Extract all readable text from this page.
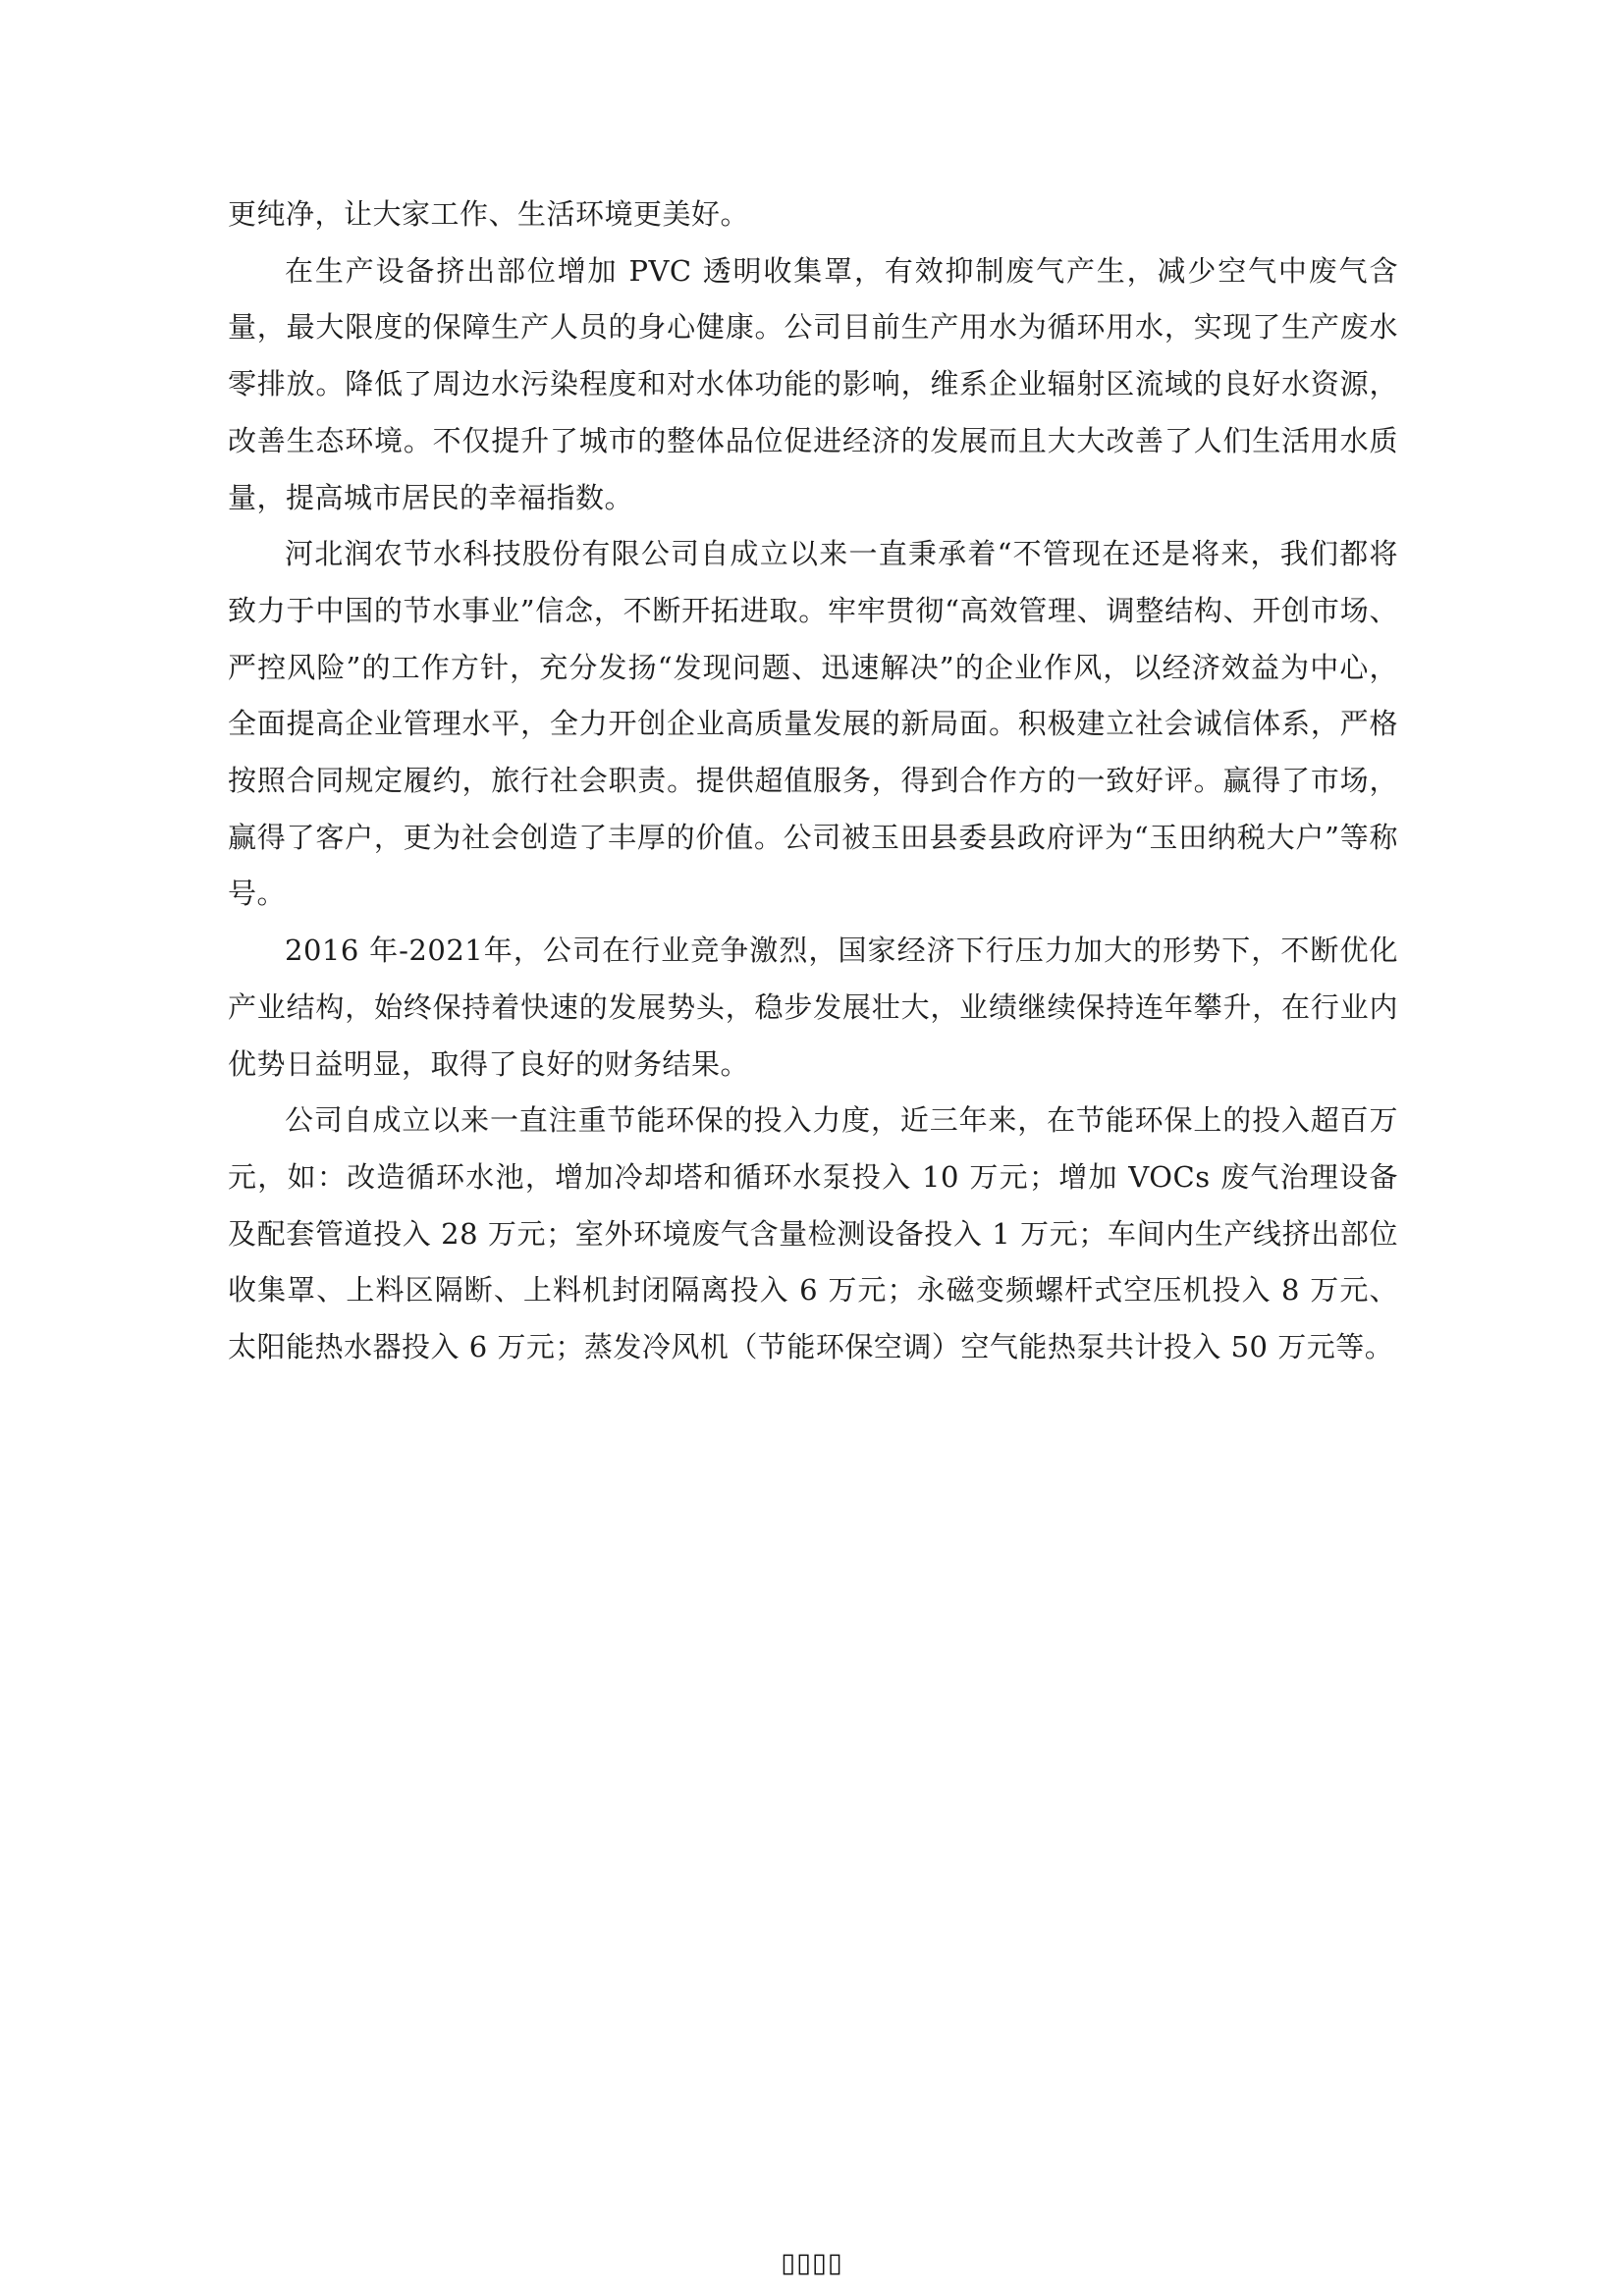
更纯净，让大家工作、生活环境更美好。

在生产设备挤出部位增加 PVC 透明收集罩，有效抑制废气产生，减少空气中废气含量，最大限度的保障生产人员的身心健康。公司目前生产用水为循环用水，实现了生产废水零排放。降低了周边水污染程度和对水体功能的影响，维系企业辐射区流域的良好水资源， 改善生态环境。不仅提升了城市的整体品位促进经济的发展而且大大改善了人们生活用水质量，提高城市居民的幸福指数。

河北润农节水科技股份有限公司自成立以来一直秉承着“不管现在还是将来，我们都将致力于中国的节水事业”信念，不断开拓进取。牢牢贯彻“高效管理、调整结构、开创市场、严控风险”的工作方针，充分发扬“发现问题、迅速解决”的企业作风，以经济效益为中心，全面提高企业管理水平，全力开创企业高质量发展的新局面。积极建立社会诚信体系，严格按照合同规定履约，旅行社会职责。提供超值服务，得到合作方的一致好评。赢得了市场，赢得了客户，更为社会创造了丰厚的价值。公司被玉田县委县政府评为“玉田纳税大户”等称号。

2016 年-2021年，公司在行业竞争激烈，国家经济下行压力加大的形势下，不断优化产业结构，始终保持着快速的发展势头，稳步发展壮大，业绩继续保持连年攀升，在行业内优势日益明显，取得了良好的财务结果。

公司自成立以来一直注重节能环保的投入力度，近三年来，在节能环保上的投入超百万元，如：改造循环水池，增加冷却塔和循环水泵投入 10 万元；增加 VOCs 废气治理设备及配套管道投入 28 万元；室外环境废气含量检测设备投入 1 万元；车间内生产线挤出部位收集罩、上料区隔断、上料机封闭隔离投入 6 万元；永磁变频螺杆式空压机投入 8 万元、太阳能热水器投入 6 万元；蒸发冷风机（节能环保空调）空气能热泵共计投入 50 万元等。

▯▯▯▯
